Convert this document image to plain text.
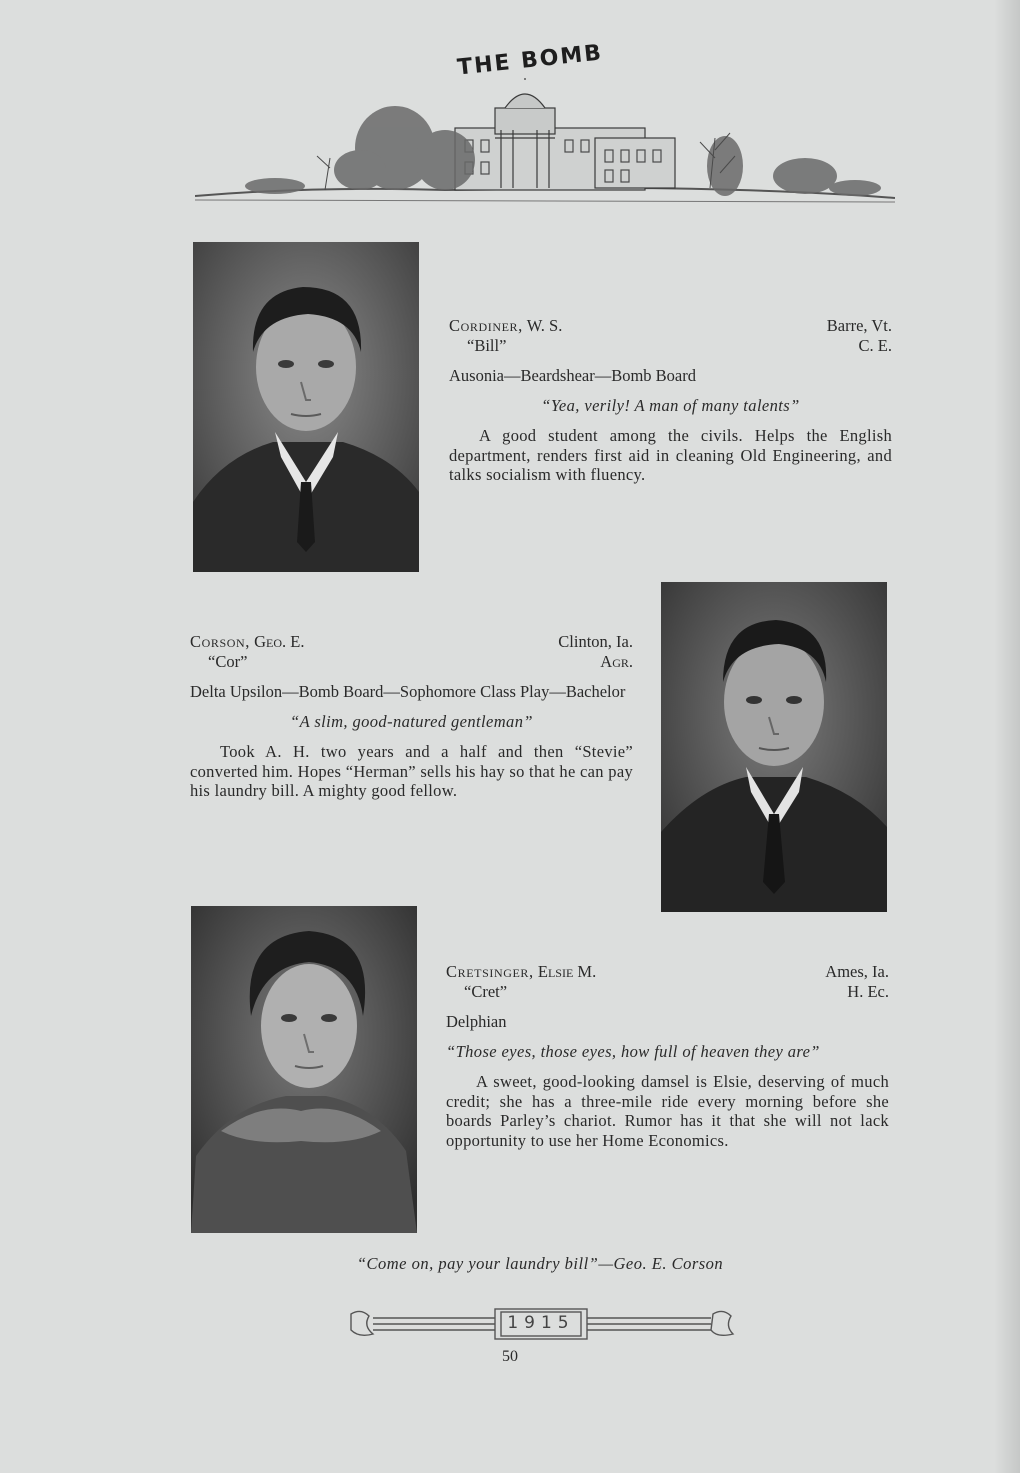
THE BOMB
Cordiner, W. S.	Barre, Vt.
“Bill”	C. E.
Ausonia—Beardshear—Bomb Board
“Yea, verily! A man of many talents”
A good student among the civils. Helps the English department, renders first aid in cleaning Old Engineering, and talks socialism with fluency.
Corson, Geo. E.	Clinton, Ia.
“Cor”	Agr.
Delta Upsilon—Bomb Board—Sophomore Class Play—Bachelor
“A slim, good-natured gentleman”
Took A. H. two years and a half and then “Stevie” converted him. Hopes “Herman” sells his hay so that he can pay his laundry bill. A mighty good fellow.
Cretsinger, Elsie M.	Ames, Ia.
“Cret”	H. Ec.
Delphian
“Those eyes, those eyes, how full of heaven they are”
A sweet, good-looking damsel is Elsie, deserving of much credit; she has a three-mile ride every morning before she boards Parley’s chariot. Rumor has it that she will not lack opportunity to use her Home Economics.
“Come on, pay your laundry bill”—Geo. E. Corson
1915
50
